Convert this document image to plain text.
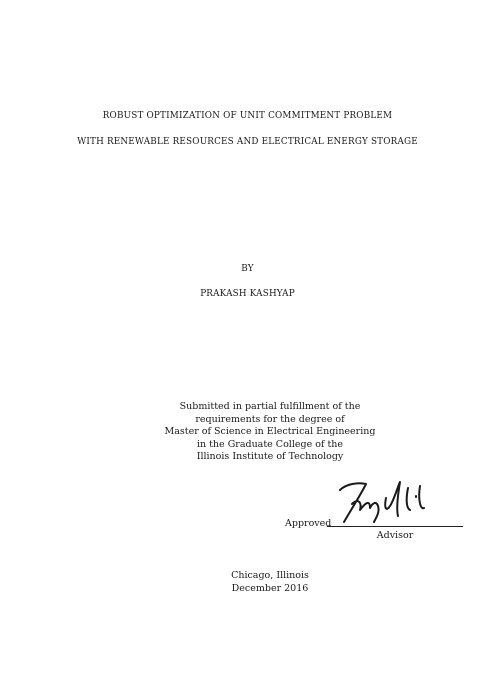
ROBUST OPTIMIZATION OF UNIT COMMITMENT PROBLEM
WITH RENEWABLE RESOURCES AND ELECTRICAL ENERGY STORAGE
BY
PRAKASH KASHYAP
Submitted in partial fulfillment of the
requirements for the degree of
Master of Science in Electrical Engineering
in the Graduate College of the
Illinois Institute of Technology
Approved
Advisor
Chicago, Illinois
December 2016
